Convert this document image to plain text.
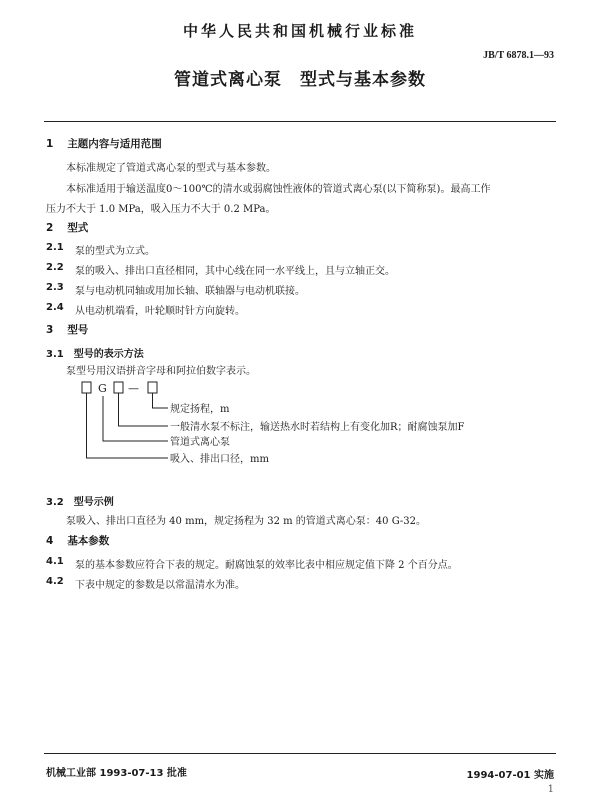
中华人民共和国机械行业标准
JB/T 6878.1—93
管道式离心泵　型式与基本参数
1 主题内容与适用范围
本标准规定了管道式离心泵的型式与基本参数。
本标准适用于输送温度0～100℃的清水或弱腐蚀性液体的管道式离心泵(以下简称泵)。最高工作
压力不大于 1.0 MPa，吸入压力不大于 0.2 MPa。
2 型式
2.1 泵的型式为立式。
2.2 泵的吸入、排出口直径相同，其中心线在同一水平线上，且与立轴正交。
2.3 泵与电动机同轴或用加长轴、联轴器与电动机联接。
2.4 从电动机端看，叶轮顺时针方向旋转。
3 型号
3.1 型号的表示方法
泵型号用汉语拼音字母和阿拉伯数字表示。
G —
规定扬程，m
一般清水泵不标注，输送热水时若结构上有变化加R；耐腐蚀泵加F
管道式离心泵
吸入、排出口径，mm
3.2 型号示例
泵吸入、排出口直径为 40 mm，规定扬程为 32 m 的管道式离心泵：40 G-32。
4 基本参数
4.1 泵的基本参数应符合下表的规定。耐腐蚀泵的效率比表中相应规定值下降 2 个百分点。
4.2 下表中规定的参数是以常温清水为准。
机械工业部 1993-07-13 批准	1994-07-01 实施
1
